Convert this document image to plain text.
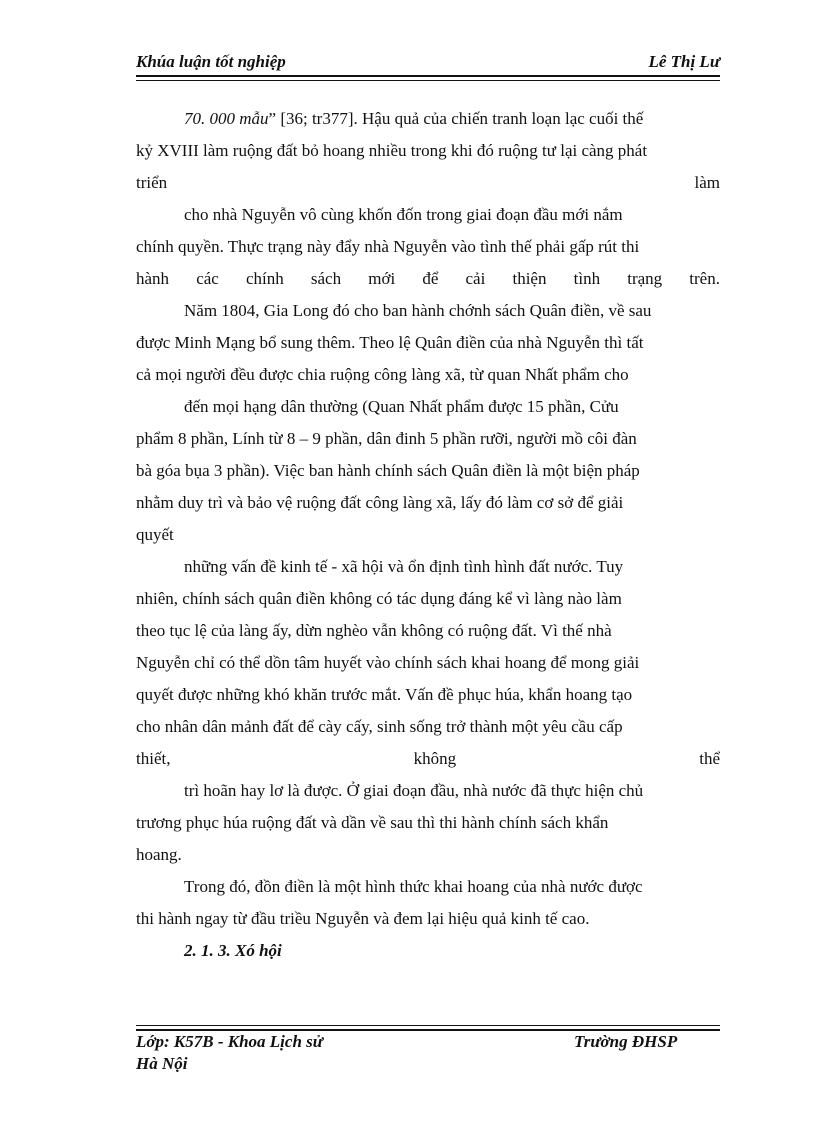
Khúa luận tốt nghiệp	Lê Thị Lư
70. 000 mẫu” [36; tr377]. Hậu quả của chiến tranh loạn lạc cuối thế
kỷ XVIII làm ruộng đất bỏ hoang nhiều trong khi đó ruộng tư lại càng phát
triển	làm
cho nhà Nguyễn vô cùng khốn đốn trong giai đoạn đầu mới nắm
chính quyền. Thực trạng này đẩy nhà Nguyễn vào tình thế phải gấp rút thi
hành các chính sách mới để cải thiện tình trạng trên.
Năm 1804, Gia Long đó cho ban hành chớnh sách Quân điền, về sau
được Minh Mạng bổ sung thêm. Theo lệ Quân điền của nhà Nguyễn thì tất
cả mọi người đều được chia ruộng công làng xã, từ quan Nhất phẩm cho
đến mọi hạng dân thường (Quan Nhất phẩm được 15 phần, Cửu
phẩm 8 phần, Lính từ 8 – 9 phần, dân đinh 5 phần rưỡi, người mồ côi đàn
bà góa bụa 3 phần). Việc ban hành chính sách Quân điền là một biện pháp
nhằm duy trì và bảo vệ ruộng đất công làng xã, lấy đó làm cơ sở để giải
quyết
những vấn đề kinh tế - xã hội và ổn định tình hình đất nước. Tuy
nhiên, chính sách quân điền không có tác dụng đáng kể vì làng nào làm
theo tục lệ của làng ấy, dừn nghèo vẫn không có ruộng đất. Vì thế nhà
Nguyễn chỉ có thể dồn tâm huyết vào chính sách khai hoang để mong giải
quyết được những khó khăn trước mắt. Vấn đề phục húa, khẩn hoang tạo
cho nhân dân mảnh đất để cày cấy, sinh sống trở thành một yêu cầu cấp
thiết,	không	thể
trì hoãn hay lơ là được. Ở giai đoạn đầu, nhà nước đã thực hiện chủ
trương phục húa ruộng đất và dần về sau thì thi hành chính sách khẩn
hoang.
Trong đó, đồn điền là một hình thức khai hoang của nhà nước được
thi hành ngay từ đầu triều Nguyễn và đem lại hiệu quả kinh tế cao.
2. 1. 3. Xó hội
Lớp: K57B - Khoa Lịch sử	Trường ĐHSP
Hà Nội
